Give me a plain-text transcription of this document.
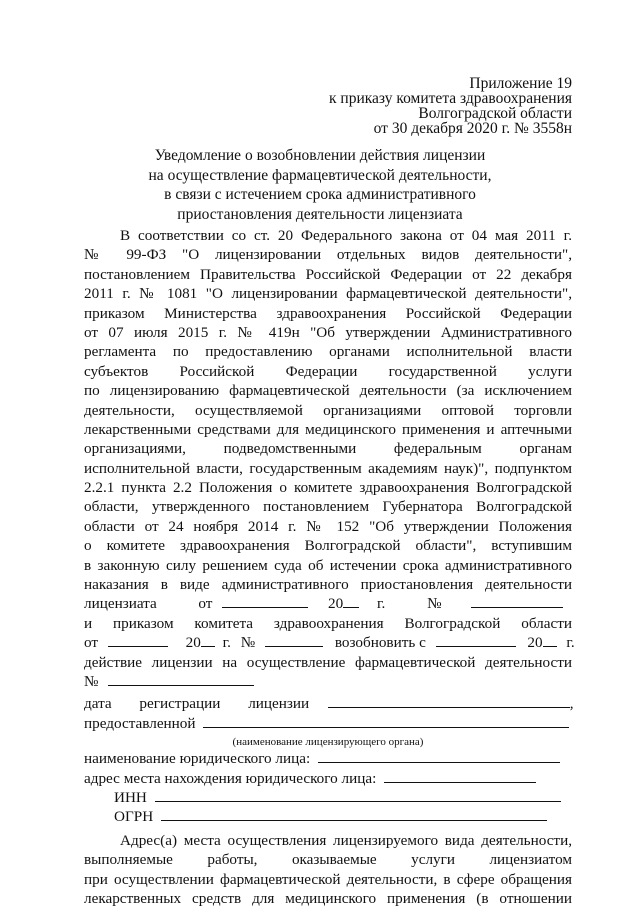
Приложение 19
к приказу комитета здравоохранения
Волгоградской области
от 30 декабря 2020 г. № 3558н
Уведомление о возобновлении действия лицензии
на осуществление фармацевтической деятельности,
в связи с истечением срока административного
приостановления деятельности лицензиата
В соответствии со ст. 20 Федерального закона от 04 мая 2011 г.
№ 99-ФЗ "О лицензировании отдельных видов деятельности",
постановлением Правительства Российской Федерации от 22 декабря
2011 г. № 1081 "О лицензировании фармацевтической деятельности",
приказом Министерства здравоохранения Российской Федерации
от 07 июля 2015 г. № 419н "Об утверждении Административного
регламента по предоставлению органами исполнительной власти
субъектов Российской Федерации государственной услуги
по лицензированию фармацевтической деятельности (за исключением
деятельности, осуществляемой организациями оптовой торговли
лекарственными средствами для медицинского применения и аптечными
организациями, подведомственными федеральным органам
исполнительной власти, государственным академиям наук)", подпунктом
2.2.1 пункта 2.2 Положения о комитете здравоохранения Волгоградской
области, утвержденного постановлением Губернатора Волгоградской
области от 24 ноября 2014 г. № 152 "Об утверждении Положения
о комитете здравоохранения Волгоградской области", вступившим
в законную силу решением суда об истечении срока административного
наказания в виде административного приостановления деятельности
лицензиата	от	20 г.	№
и приказом комитета здравоохранения Волгоградской области
от	20 г. №	возобновить с	20 г.
действие лицензии на осуществление фармацевтической деятельности
№
дата регистрации лицензии	,
предоставленной
(наименование лицензирующего органа)
наименование юридического лица:
адрес места нахождения юридического лица:
ИНН
ОГРН
Адрес(а) места осуществления лицензируемого вида деятельности,
выполняемые работы, оказываемые услуги лицензиатом
при осуществлении фармацевтической деятельности, в сфере обращения
лекарственных средств для медицинского применения (в отношении
